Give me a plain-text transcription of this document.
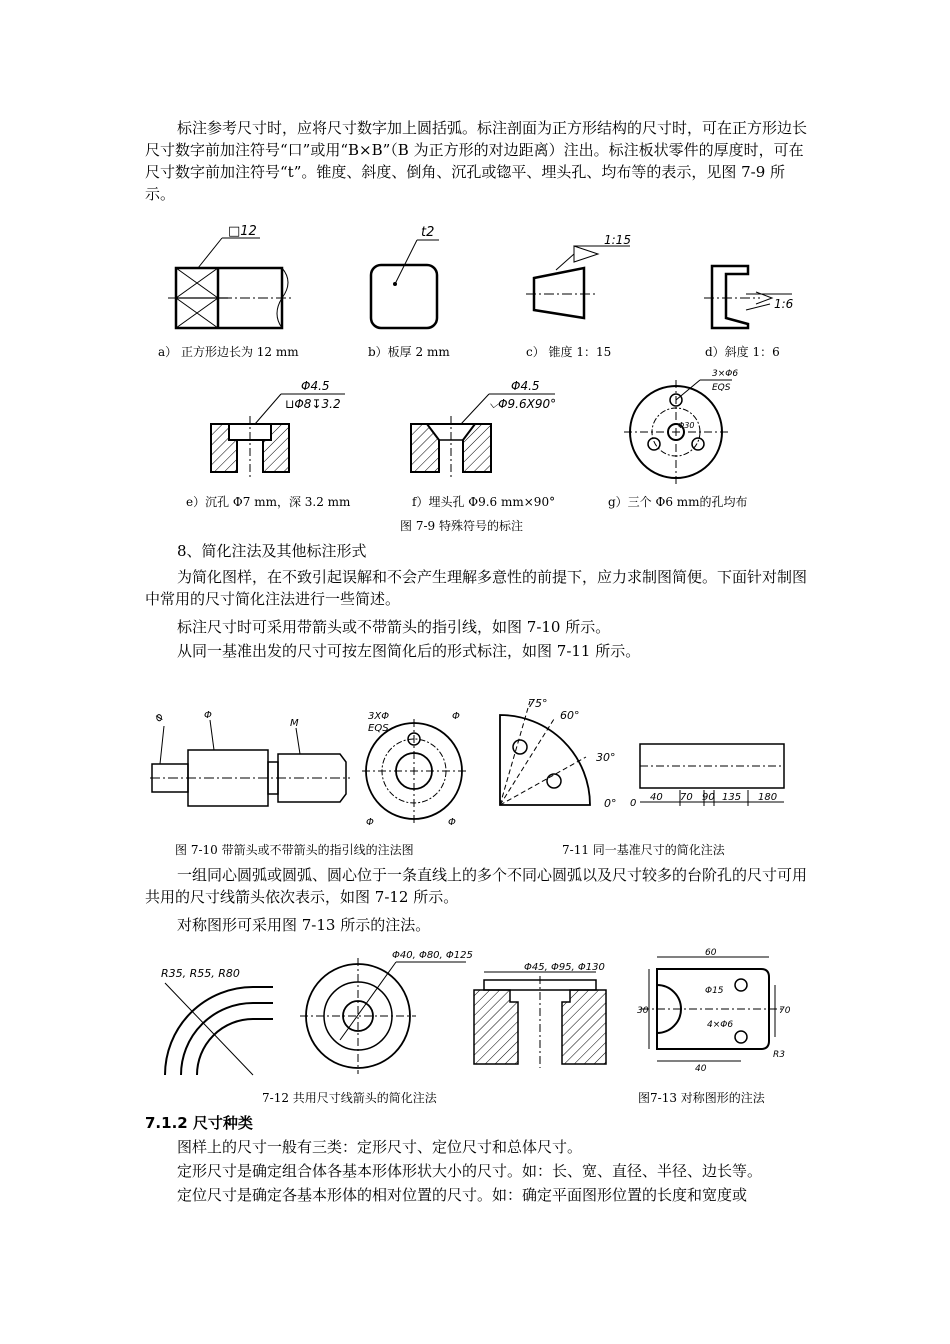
标注参考尺寸时，应将尺寸数字加上圆括弧。标注剖面为正方形结构的尺寸时，可在正方形边长尺寸数字前加注符号“口”或用“B×B”（B 为正方形的对边距离）注出。标注板状零件的厚度时，可在尺寸数字前加注符号“t”。锥度、斜度、倒角、沉孔或锪平、埋头孔、均布等的表示，见图 7-9 所示。
□12	t2	1:15
1:6
a） 正方形边长为 12 mm	b）板厚 2 mm	c） 锥度 1：15	d）斜度 1：6
Φ4.5
⊔Φ8↧3.2
Φ4.5
⌵Φ9.6X90°
3×Φ6
EQS
Φ30
e）沉孔 Φ7 mm，深 3.2 mm	f）埋头孔 Φ9.6 mm×90°	g）三个 Φ6 mm的孔均布
图 7-9 特殊符号的标注
8、简化注法及其他标注形式
为简化图样，在不致引起误解和不会产生理解多意性的前提下，应力求制图简便。下面针对制图中常用的尺寸简化注法进行一些简述。
标注尺寸时可采用带箭头或不带箭头的指引线，如图 7-10 所示。
从同一基准出发的尺寸可按左图简化后的形式标注，如图 7-11 所示。
Φ	Φ
M
3XΦ
EQS
Φ
Φ	Φ
75°
60°
30°
0° 0
40 70 90 135 180
图 7-10 带箭头或不带箭头的指引线的注法图	7-11 同一基准尺寸的简化注法
一组同心圆弧或圆弧、圆心位于一条直线上的多个不同心圆弧以及尺寸较多的台阶孔的尺寸可用共用的尺寸线箭头依次表示，如图 7-12 所示。
对称图形可采用图 7-13 所示的注法。
R35, R55, R80
Φ40, Φ80, Φ125
Φ45, Φ95, Φ130
60
Φ15
30	70
4×Φ6
40
R3
7-12 共用尺寸线箭头的简化注法	图7-13 对称图形的注法
7.1.2 尺寸种类
图样上的尺寸一般有三类：定形尺寸、定位尺寸和总体尺寸。
定形尺寸是确定组合体各基本形体形状大小的尺寸。如：长、宽、直径、半径、边长等。
定位尺寸是确定各基本形体的相对位置的尺寸。如：确定平面图形位置的长度和宽度或
